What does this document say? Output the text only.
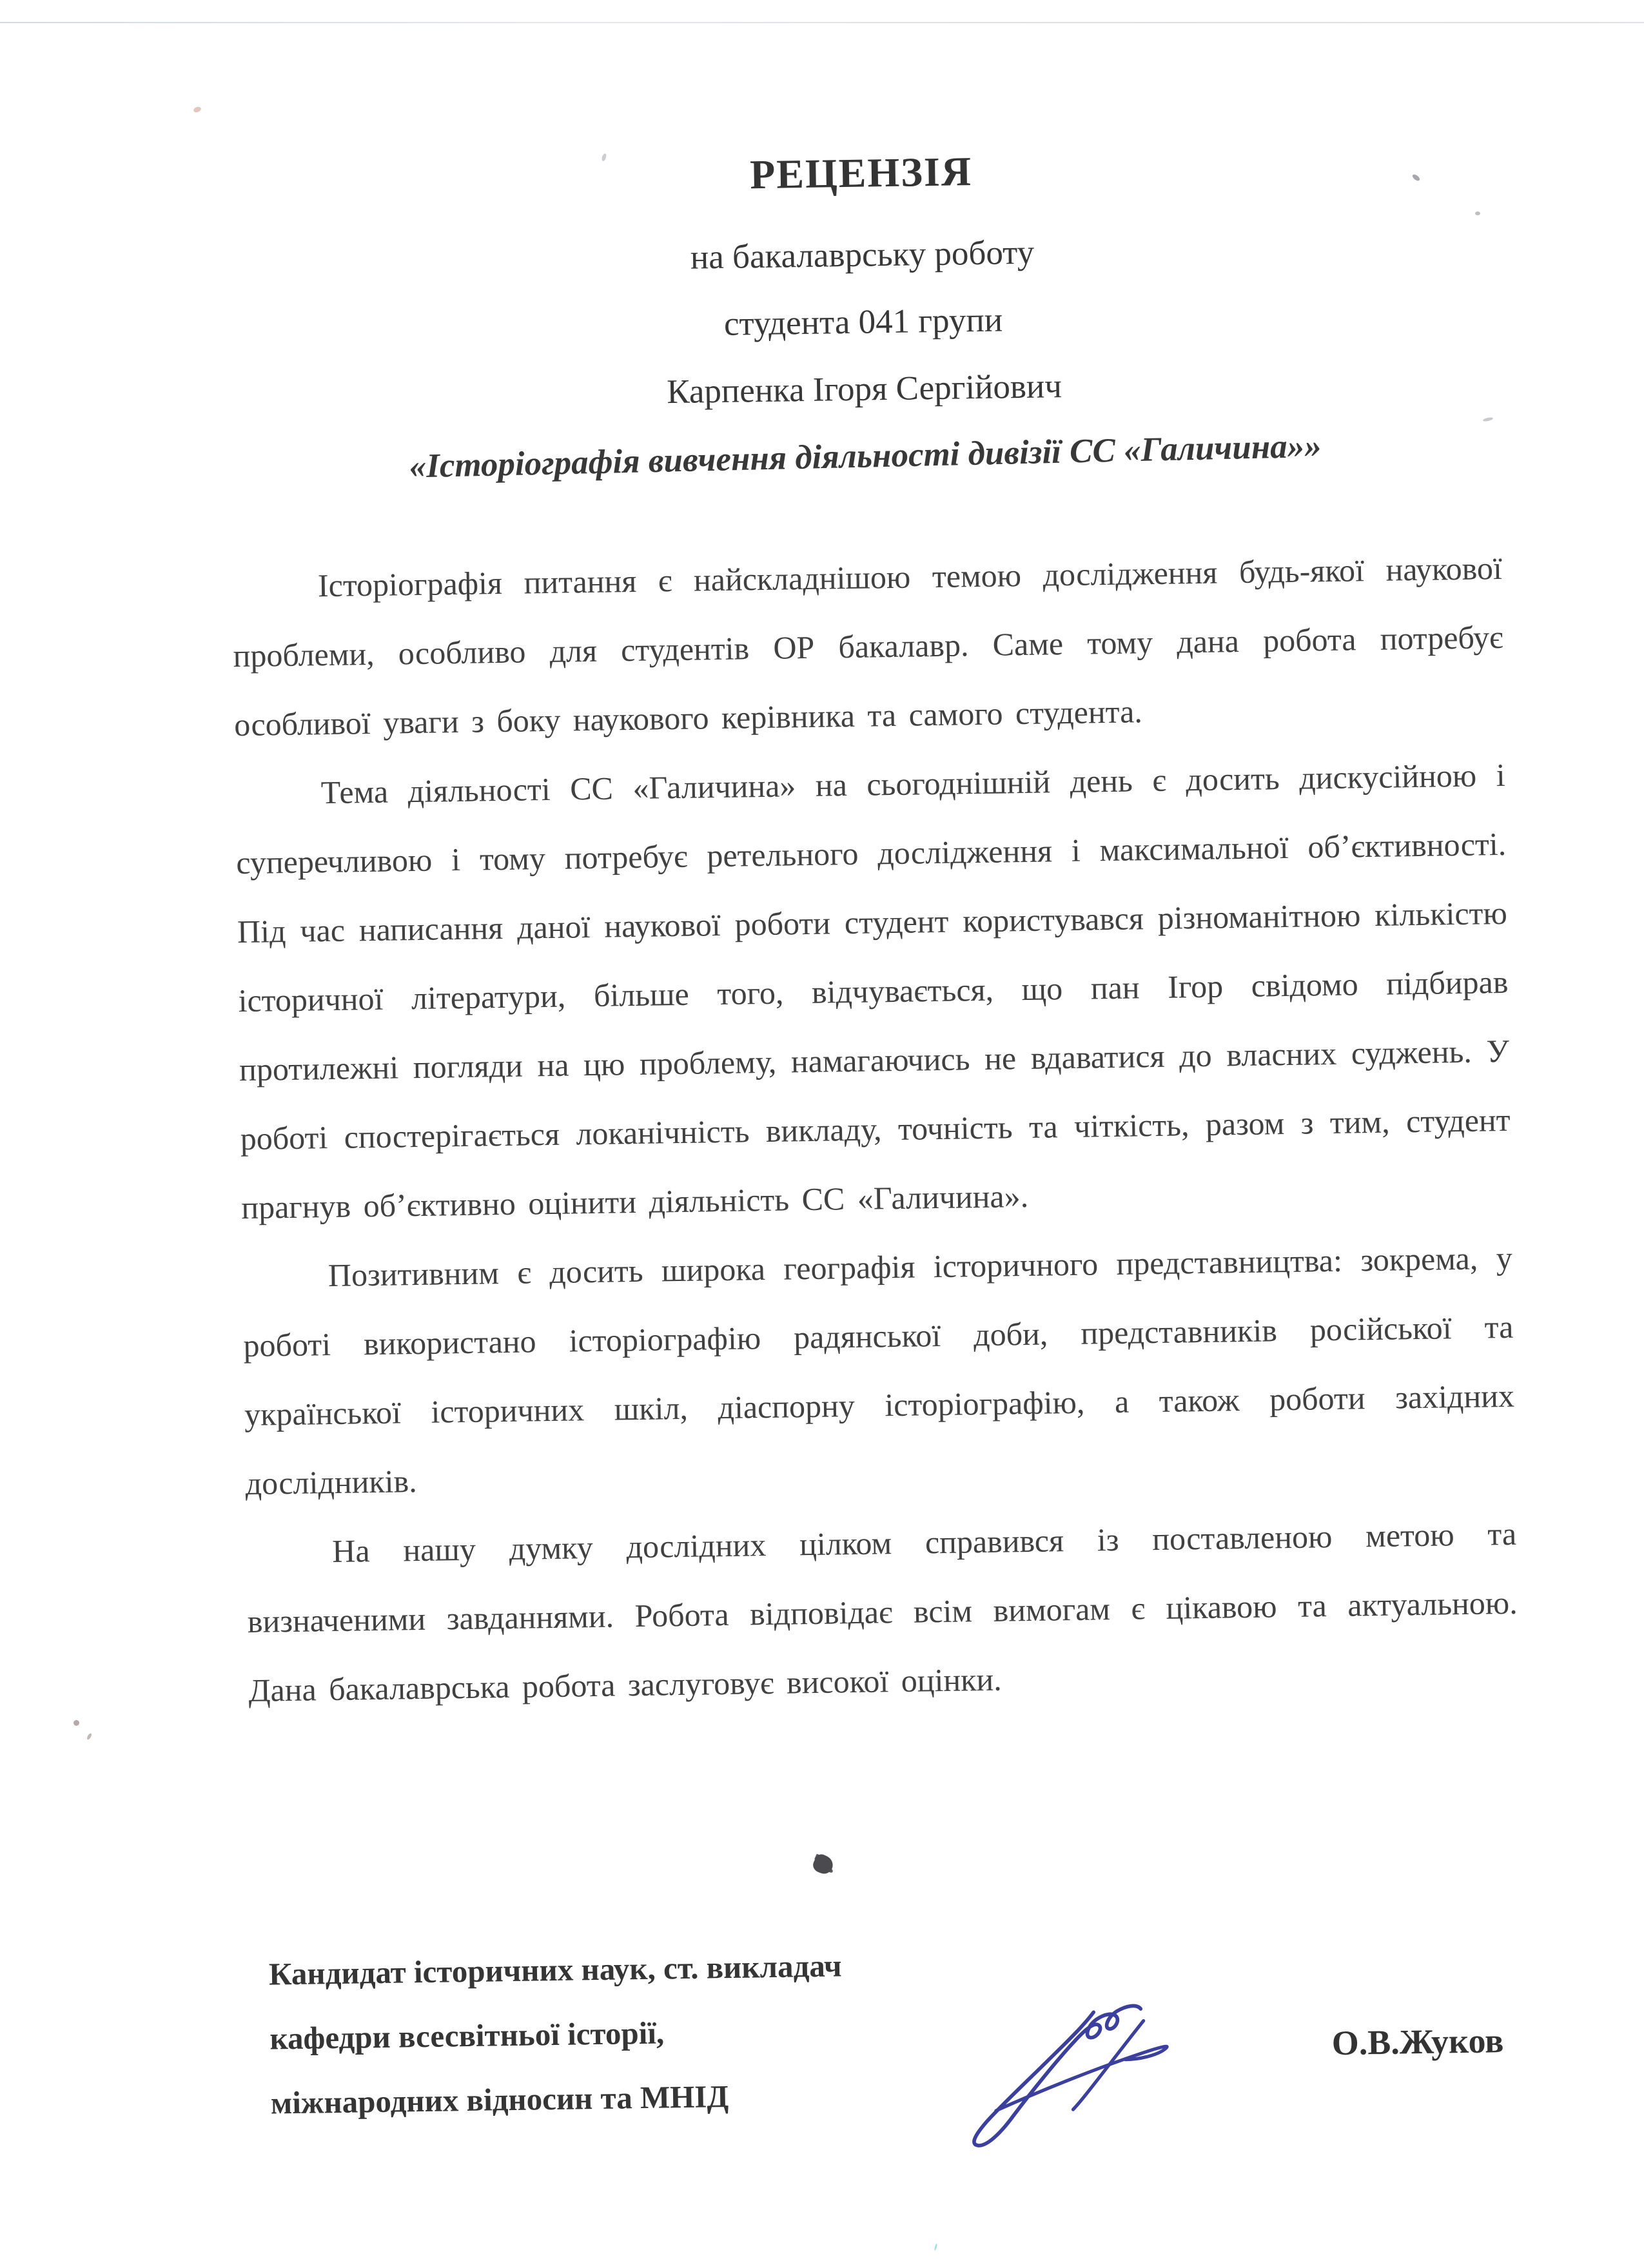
РЕЦЕНЗІЯ
на бакалаврську роботу
студента 041 групи
Карпенка Ігоря Сергійович
«Історіографія вивчення діяльності дивізії СС «Галичина»»

Історіографія питання є найскладнішою темою дослідження будь-якої наукової проблеми, особливо для студентів ОР бакалавр. Саме тому дана робота потребує особливої уваги з боку наукового керівника та самого студента.

Тема діяльності СС «Галичина» на сьогоднішній день є досить дискусійною і суперечливою і тому потребує ретельного дослідження і максимальної об’єктивності. Під час написання даної наукової роботи студент користувався різноманітною кількістю історичної літератури, більше того, відчувається, що пан Ігор свідомо підбирав протилежні погляди на цю проблему, намагаючись не вдаватися до власних суджень. У роботі спостерігається локанічність викладу, точність та чіткість, разом з тим, студент прагнув об’єктивно оцінити діяльність СС «Галичина».

Позитивним є досить широка географія історичного представництва: зокрема, у роботі використано історіографію радянської доби, представників російської та української історичних шкіл, діаспорну історіографію, а також роботи західних дослідників.

На нашу думку дослідних цілком справився із поставленою метою та визначеними завданнями. Робота відповідає всім вимогам є цікавою та актуальною. Дана бакалаврська робота заслуговує високої оцінки.

Кандидат історичних наук, ст. викладач
кафедри всесвітньої історії,
міжнародних відносин та МНІД
О.В.Жуков
